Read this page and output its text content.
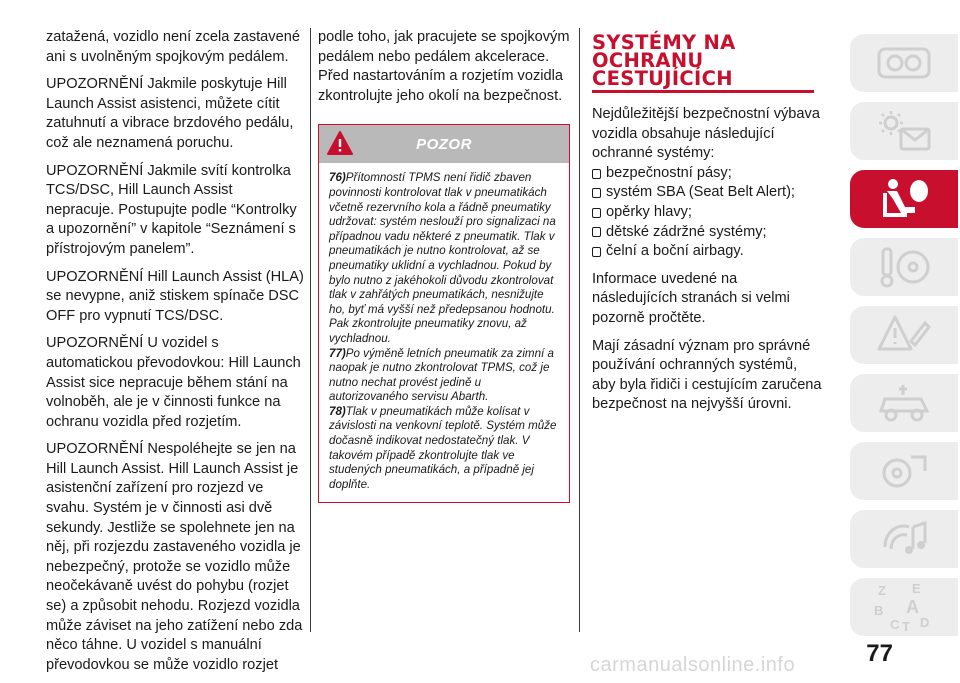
zatažená, vozidlo není zcela zastavené ani s uvolněným spojkovým pedálem.

UPOZORNĚNÍ Jakmile poskytuje Hill Launch Assist asistenci, můžete cítit zatuhnutí a vibrace brzdového pedálu, což ale neznamená poruchu.

UPOZORNĚNÍ Jakmile svítí kontrolka TCS/DSC, Hill Launch Assist nepracuje. Postupujte podle “Kontrolky a upozornění” v kapitole “Seznámení s přístrojovým panelem”.

UPOZORNĚNÍ Hill Launch Assist (HLA) se nevypne, aniž stiskem spínače DSC OFF pro vypnutí TCS/DSC.

UPOZORNĚNÍ U vozidel s automatickou převodovkou: Hill Launch Assist sice nepracuje během stání na volnoběh, ale je v činnosti funkce na ochranu vozidla před rozjetím.

UPOZORNĚNÍ Nespoléhejte se jen na Hill Launch Assist. Hill Launch Assist je asistenční zařízení pro rozjezd ve svahu. Systém je v činnosti asi dvě sekundy. Jestliže se spolehnete jen na něj, při rozjezdu zastaveného vozidla je nebezpečný, protože se vozidlo může neočekávaně uvést do pohybu (rozjet se) a způsobit nehodu. Rozjezd vozidla může záviset na jeho zatížení nebo zda něco táhne. U vozidel s manuální převodovkou se může vozidlo rozjet

podle toho, jak pracujete se spojkovým pedálem nebo pedálem akcelerace. Před nastartováním a rozjetím vozidla zkontrolujte jeho okolí na bezpečnost.

POZOR

76)Přítomností TPMS není řidič zbaven povinnosti kontrolovat tlak v pneumatikách včetně rezervního kola a řádně pneumatiky udržovat: systém neslouží pro signalizaci na případnou vadu některé z pneumatik. Tlak v pneumatikách je nutno kontrolovat, až se pneumatiky uklidní a vychladnou. Pokud by bylo nutno z jakéhokoli důvodu zkontrolovat tlak v zahřátých pneumatikách, nesnižujte ho, byť má vyšší než předepsanou hodnotu. Pak zkontrolujte pneumatiky znovu, až vychladnou.

77)Po výměně letních pneumatik za zimní a naopak je nutno zkontrolovat TPMS, což je nutno nechat provést jedině u autorizovaného servisu Abarth.

78)Tlak v pneumatikách může kolísat v závislosti na venkovní teplotě. Systém může dočasně indikovat nedostatečný tlak. V takovém případě zkontrolujte tlak ve studených pneumatikách, a případně jej doplňte.

SYSTÉMY NA
OCHRANU
CESTUJÍCÍCH

Nejdůležitější bezpečnostní výbava vozidla obsahuje následující ochranné systémy:

bezpečnostní pásy;
systém SBA (Seat Belt Alert);
opěrky hlavy;
dětské zádržné systémy;
čelní a boční airbagy.

Informace uvedené na následujících stranách si velmi pozorně pročtěte.

Mají zásadní význam pro správné používání ochranných systémů, aby byla řidiči i cestujícím zaručena bezpečnost na nejvyšší úrovni.

Z E
B A
C T D
77
carmanualsonline.info
